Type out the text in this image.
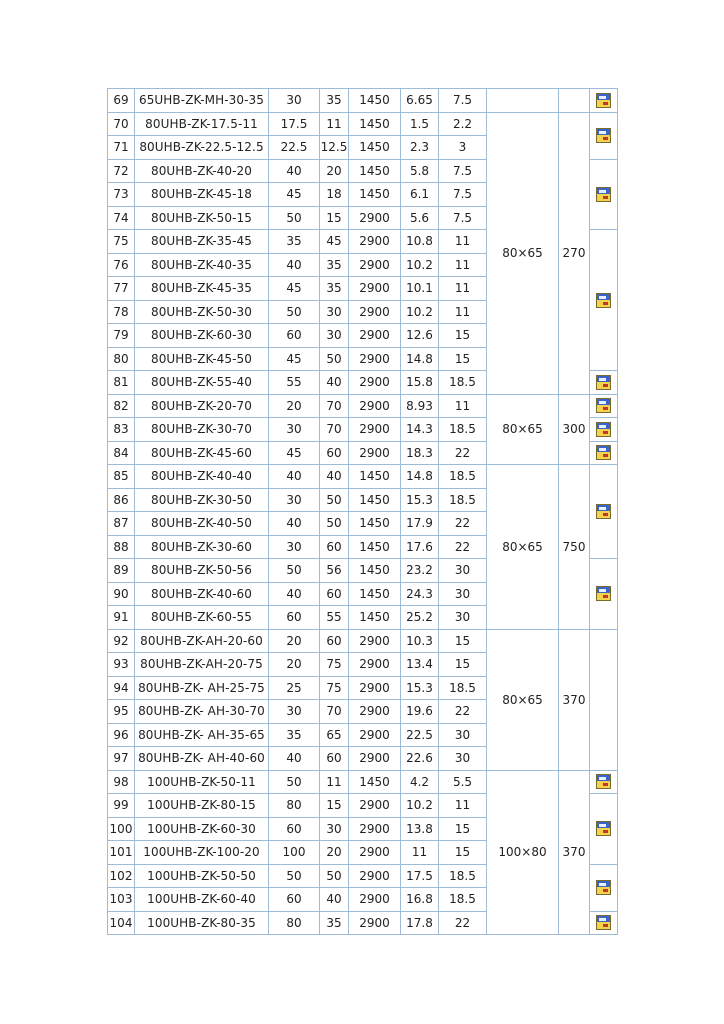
69	65UHB-ZK-MH-30-35	30	35	1450	6.65	7.5			
70	80UHB-ZK-17.5-11	17.5	11	1450	1.5	2.2	80×65	270	
71	80UHB-ZK-22.5-12.5	22.5	12.5	1450	2.3	3			
72	80UHB-ZK-40-20	40	20	1450	5.8	7.5			
73	80UHB-ZK-45-18	45	18	1450	6.1	7.5			
74	80UHB-ZK-50-15	50	15	2900	5.6	7.5			
75	80UHB-ZK-35-45	35	45	2900	10.8	11			
76	80UHB-ZK-40-35	40	35	2900	10.2	11			
77	80UHB-ZK-45-35	45	35	2900	10.1	11			
78	80UHB-ZK-50-30	50	30	2900	10.2	11			
79	80UHB-ZK-60-30	60	30	2900	12.6	15			
80	80UHB-ZK-45-50	45	50	2900	14.8	15			
81	80UHB-ZK-55-40	55	40	2900	15.8	18.5			
82	80UHB-ZK-20-70	20	70	2900	8.93	11	80×65	300	
83	80UHB-ZK-30-70	30	70	2900	14.3	18.5			
84	80UHB-ZK-45-60	45	60	2900	18.3	22			
85	80UHB-ZK-40-40	40	40	1450	14.8	18.5	80×65	750	
86	80UHB-ZK-30-50	30	50	1450	15.3	18.5			
87	80UHB-ZK-40-50	40	50	1450	17.9	22			
88	80UHB-ZK-30-60	30	60	1450	17.6	22			
89	80UHB-ZK-50-56	50	56	1450	23.2	30			
90	80UHB-ZK-40-60	40	60	1450	24.3	30			
91	80UHB-ZK-60-55	60	55	1450	25.2	30			
92	80UHB-ZK-AH-20-60	20	60	2900	10.3	15	80×65	370	
93	80UHB-ZK-AH-20-75	20	75	2900	13.4	15			
94	80UHB-ZK- AH-25-75	25	75	2900	15.3	18.5			
95	80UHB-ZK- AH-30-70	30	70	2900	19.6	22			
96	80UHB-ZK- AH-35-65	35	65	2900	22.5	30			
97	80UHB-ZK- AH-40-60	40	60	2900	22.6	30			
98	100UHB-ZK-50-11	50	11	1450	4.2	5.5	100×80	370	
99	100UHB-ZK-80-15	80	15	2900	10.2	11			
100	100UHB-ZK-60-30	60	30	2900	13.8	15			
101	100UHB-ZK-100-20	100	20	2900	11	15			
102	100UHB-ZK-50-50	50	50	2900	17.5	18.5			
103	100UHB-ZK-60-40	60	40	2900	16.8	18.5			
104	100UHB-ZK-80-35	80	35	2900	17.8	22			
